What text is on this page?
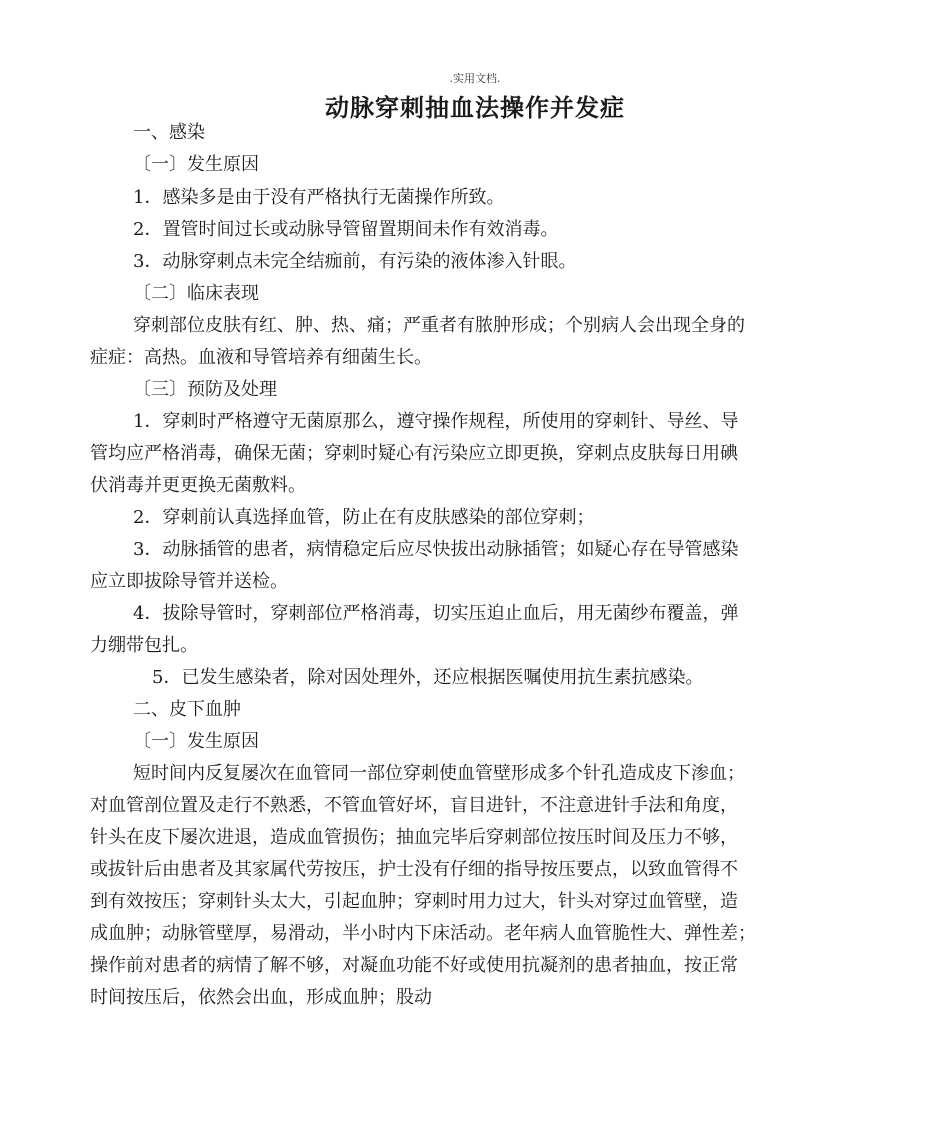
.实用文档.
动脉穿刺抽血法操作并发症
一、感染
〔一〕发生原因
1．感染多是由于没有严格执行无菌操作所致。
2．置管时间过长或动脉导管留置期间未作有效消毒。
3．动脉穿刺点未完全结痂前，有污染的液体渗入针眼。
〔二〕临床表现
穿刺部位皮肤有红、肿、热、痛；严重者有脓肿形成；个别病人会出现全身的
症症：高热。血液和导管培养有细菌生长。
〔三〕预防及处理
1．穿刺时严格遵守无菌原那么，遵守操作规程，所使用的穿刺针、导丝、导
管均应严格消毒，确保无菌；穿刺时疑心有污染应立即更换，穿刺点皮肤每日用碘
伏消毒并更更换无菌敷料。
2．穿刺前认真选择血管，防止在有皮肤感染的部位穿刺；
3．动脉插管的患者，病情稳定后应尽快拔出动脉插管；如疑心存在导管感染
应立即拔除导管并送检。
4．拔除导管时，穿刺部位严格消毒，切实压迫止血后，用无菌纱布覆盖，弹
力绷带包扎。
5．已发生感染者，除对因处理外，还应根据医嘱使用抗生素抗感染。
二、皮下血肿
〔一〕发生原因
短时间内反复屡次在血管同一部位穿刺使血管壁形成多个针孔造成皮下渗血；
对血管剖位置及走行不熟悉，不管血管好坏，盲目进针，不注意进针手法和角度，
针头在皮下屡次进退，造成血管损伤；抽血完毕后穿刺部位按压时间及压力不够，
或拔针后由患者及其家属代劳按压，护士没有仔细的指导按压要点，以致血管得不
到有效按压；穿刺针头太大，引起血肿；穿刺时用力过大，针头对穿过血管壁，造
成血肿；动脉管壁厚，易滑动，半小时内下床活动。老年病人血管脆性大、弹性差；
操作前对患者的病情了解不够，对凝血功能不好或使用抗凝剂的患者抽血，按正常
时间按压后，依然会出血，形成血肿；股动
